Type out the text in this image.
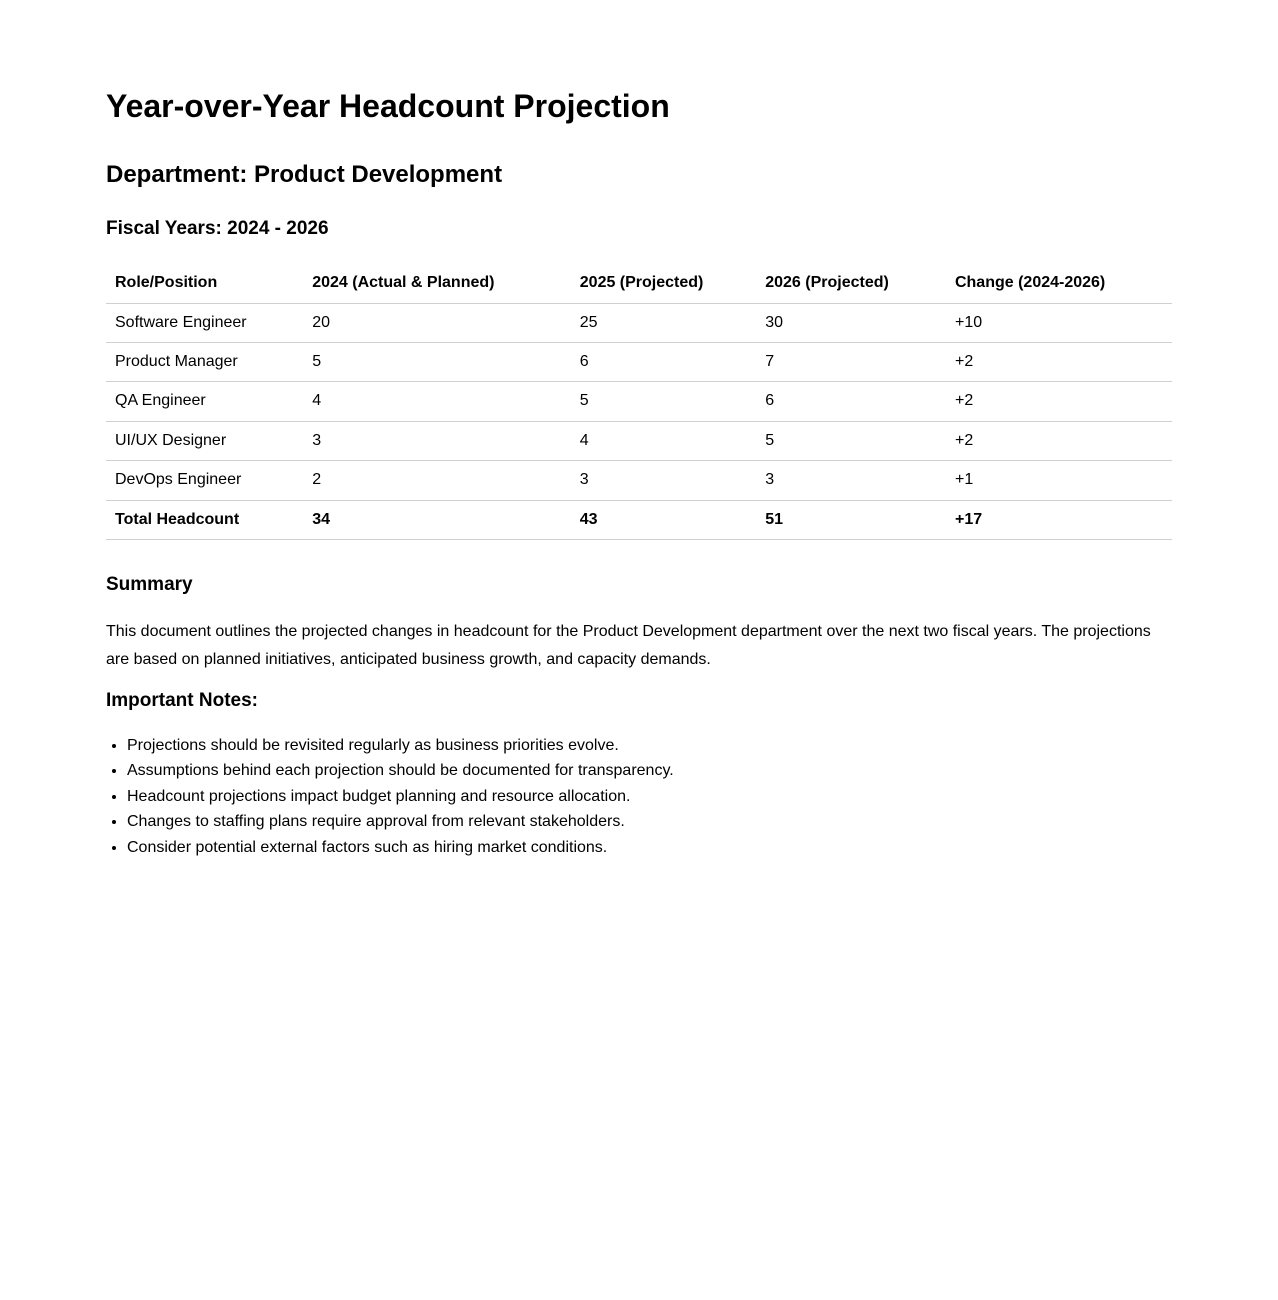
Year-over-Year Headcount Projection
Department: Product Development
Fiscal Years: 2024 - 2026
Role/Position	2024 (Actual & Planned)	2025 (Projected)	2026 (Projected)	Change (2024-2026)
Software Engineer	20	25	30	+10
Product Manager	5	6	7	+2
QA Engineer	4	5	6	+2
UI/UX Designer	3	4	5	+2
DevOps Engineer	2	3	3	+1
Total Headcount	34	43	51	+17
Summary

This document outlines the projected changes in headcount for the Product Development department over the next two fiscal years. The projections are based on planned initiatives, anticipated business growth, and capacity demands.

Important Notes:
• Projections should be revisited regularly as business priorities evolve.
• Assumptions behind each projection should be documented for transparency.
• Headcount projections impact budget planning and resource allocation.
• Changes to staffing plans require approval from relevant stakeholders.
• Consider potential external factors such as hiring market conditions.
